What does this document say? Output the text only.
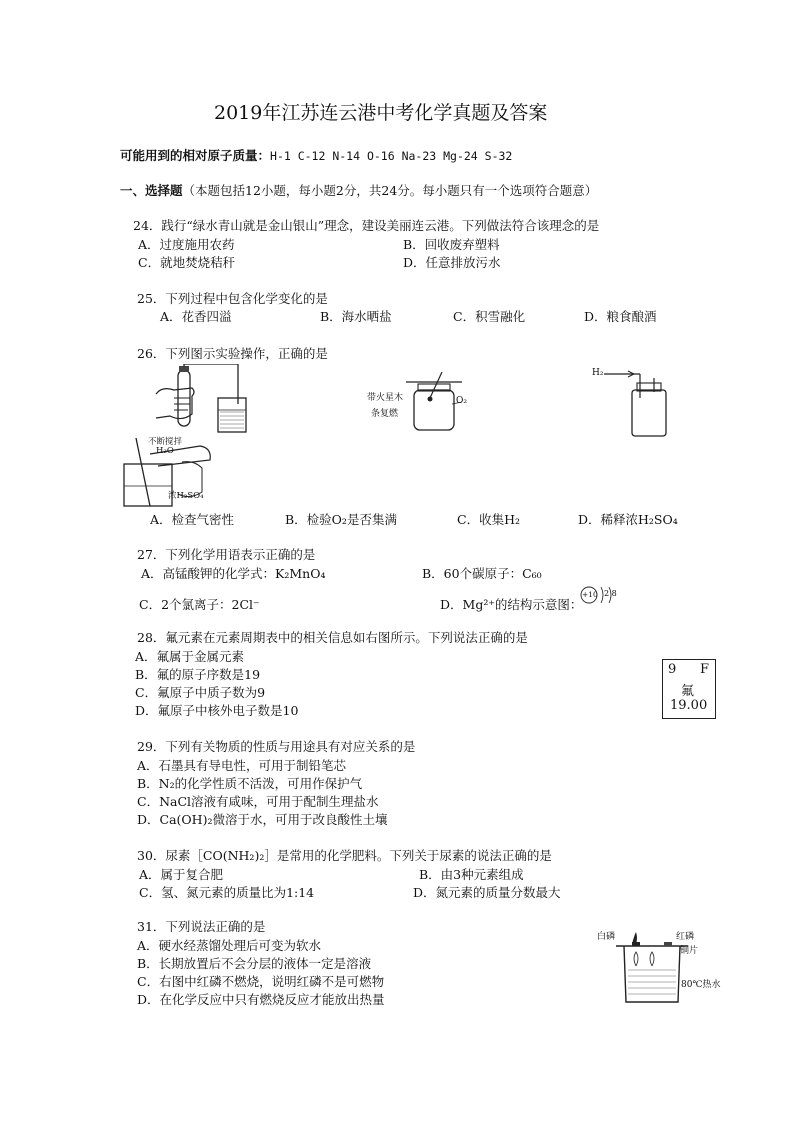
2019年江苏连云港中考化学真题及答案
可能用到的相对原子质量：H-1 C-12 N-14 O-16 Na-23 Mg-24 S-32
一、选择题（本题包括12小题，每小题2分，共24分。每小题只有一个选项符合题意）
24．践行“绿水青山就是金山银山”理念，建设美丽连云港。下列做法符合该理念的是
A．过度施用农药	B．回收废弃塑料
C．就地焚烧秸秆	D．任意排放污水
25．下列过程中包含化学变化的是
A．花香四溢	B．海水晒盐	C．积雪融化	D．粮食酿酒
26．下列图示实验操作，正确的是
带火星木
条复燃
O₂
H₂
不断搅拌
H₂O
浓H₂SO₄
A．检查气密性	B．检验O₂是否集满	C．收集H₂	D．稀释浓H₂SO₄
27．下列化学用语表示正确的是
A．高锰酸钾的化学式：K₂MnO₄	B．60个碳原子：C₆₀
C．2个氯离子：2Cl⁻	D．Mg²⁺的结构示意图：
+10 2 8
28．氟元素在元素周期表中的相关信息如右图所示。下列说法正确的是
A．氟属于金属元素
B．氟的原子序数是19
C．氟原子中质子数为9
D．氟原子中核外电子数是10
9 F
氟
19.00
29．下列有关物质的性质与用途具有对应关系的是
A．石墨具有导电性，可用于制铅笔芯
B．N₂的化学性质不活泼，可用作保护气
C．NaCl溶液有咸味，可用于配制生理盐水
D．Ca(OH)₂微溶于水，可用于改良酸性土壤
30．尿素［CO(NH₂)₂］是常用的化学肥料。下列关于尿素的说法正确的是
A．属于复合肥	B．由3种元素组成
C．氢、氮元素的质量比为1:14	D．氮元素的质量分数最大
31．下列说法正确的是
A．硬水经蒸馏处理后可变为软水
B．长期放置后不会分层的液体一定是溶液
C．右图中红磷不燃烧，说明红磷不是可燃物
D．在化学反应中只有燃烧反应才能放出热量
白磷	红磷
铜片
80℃热水
